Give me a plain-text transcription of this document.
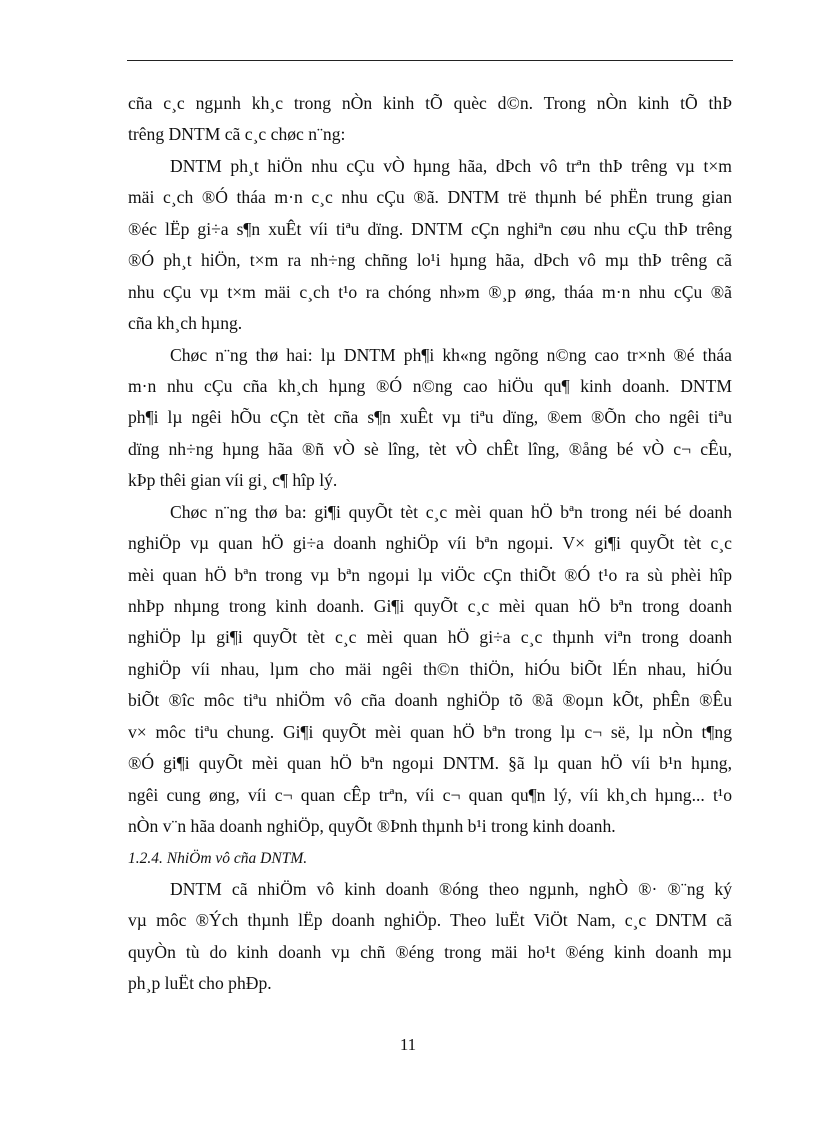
cña c¸c ngµnh kh¸c trong nÒn kinh tÕ quèc d©n. Trong nÒn kinh tÕ thÞ
trêng DNTM cã c¸c chøc n¨ng:
DNTM ph¸t hiÖn nhu cÇu vÒ hµng hãa, dÞch vô trªn thÞ trêng vµ t×m
mäi c¸ch ®Ó tháa m·n c¸c nhu cÇu ®ã. DNTM trë thµnh bé phËn trung gian
®éc lËp gi÷a s¶n xuÊt víi tiªu dïng. DNTM cÇn nghiªn cøu nhu cÇu thÞ trêng
®Ó ph¸t hiÖn, t×m ra nh÷ng chñng lo¹i hµng hãa, dÞch vô mµ thÞ trêng cã
nhu cÇu vµ t×m mäi c¸ch t¹o ra chóng nh»m ®¸p øng, tháa m·n nhu cÇu ®ã
cña kh¸ch hµng.
Chøc n¨ng thø hai: lµ DNTM ph¶i kh«ng ngõng n©ng cao tr×nh ®é tháa
m·n nhu cÇu cña kh¸ch hµng ®Ó n©ng cao hiÖu qu¶ kinh doanh. DNTM
ph¶i lµ ngêi hÕu cÇn tèt cña s¶n xuÊt vµ tiªu dïng, ®em ®Õn cho ngêi tiªu
dïng nh÷ng hµng hãa ®ñ vÒ sè lîng, tèt vÒ chÊt lîng, ®ång bé vÒ c¬ cÊu,
kÞp thêi gian víi gi¸ c¶ hîp lý.
Chøc n¨ng thø ba: gi¶i quyÕt tèt c¸c mèi quan hÖ bªn trong néi bé doanh
nghiÖp vµ quan hÖ gi÷a doanh nghiÖp víi bªn ngoµi. V× gi¶i quyÕt tèt c¸c
mèi quan hÖ bªn trong vµ bªn ngoµi lµ viÖc cÇn thiÕt ®Ó t¹o ra sù phèi hîp
nhÞp nhµng trong kinh doanh. Gi¶i quyÕt c¸c mèi quan hÖ bªn trong doanh
nghiÖp lµ gi¶i quyÕt tèt c¸c mèi quan hÖ gi÷a c¸c thµnh viªn trong doanh
nghiÖp víi nhau, lµm cho mäi ngêi th©n thiÖn, hiÓu biÕt lÉn nhau, hiÓu
biÕt ®îc môc tiªu nhiÖm vô cña doanh nghiÖp tõ ®ã ®oµn kÕt, phÊn ®Êu
v× môc tiªu chung. Gi¶i quyÕt mèi quan hÖ bªn trong lµ c¬ së, lµ nÒn t¶ng
®Ó gi¶i quyÕt mèi quan hÖ bªn ngoµi DNTM. §ã lµ quan hÖ víi b¹n hµng,
ngêi cung øng, víi c¬ quan cÊp trªn, víi c¬ quan qu¶n lý, víi kh¸ch hµng... t¹o
nÒn v¨n hãa doanh nghiÖp, quyÕt ®Þnh thµnh b¹i trong kinh doanh.
1.2.4. NhiÖm vô cña DNTM.
DNTM cã nhiÖm vô kinh doanh ®óng theo ngµnh, nghÒ ®· ®¨ng ký
vµ môc ®Ých thµnh lËp doanh nghiÖp. Theo luËt ViÖt Nam, c¸c DNTM cã
quyÒn tù do kinh doanh vµ chñ ®éng trong mäi ho¹t ®éng kinh doanh mµ
ph¸p luËt cho phÐp.
11
